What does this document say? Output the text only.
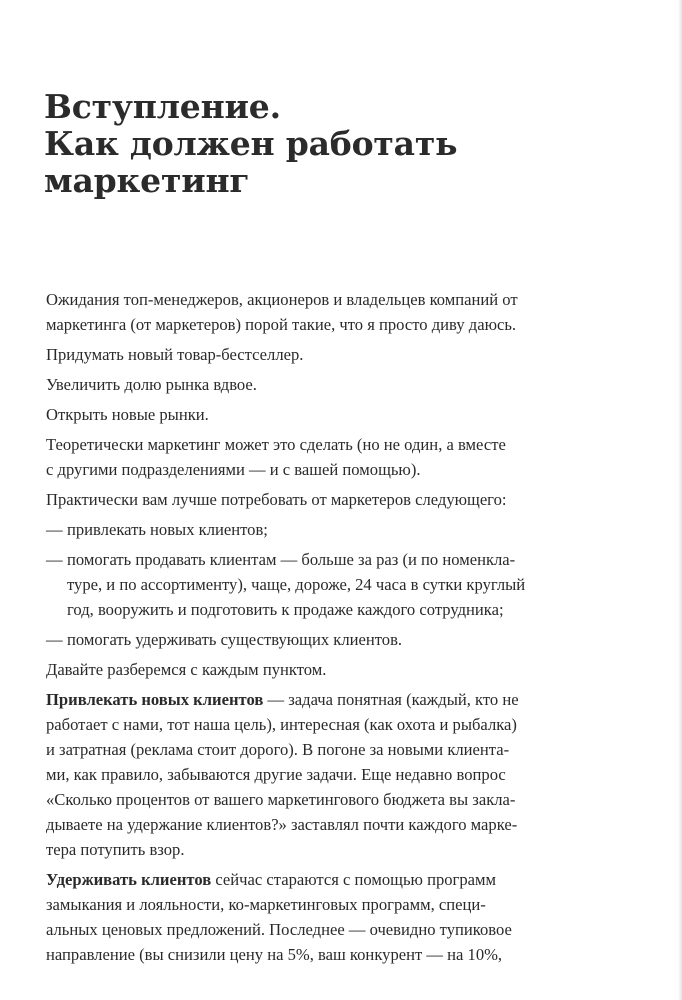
Вступление.
Как должен работать
маркетинг

Ожидания топ-менеджеров, акционеров и владельцев компаний от
маркетинга (от маркетеров) порой такие, что я просто диву даюсь.

Придумать новый товар-бестселлер.

Увеличить долю рынка вдвое.

Открыть новые рынки.

Теоретически маркетинг может это сделать (но не один, а вместе
с другими подразделениями — и с вашей помощью).

Практически вам лучше потребовать от маркетеров следующего:

— привлекать новых клиентов;
— помогать продавать клиентам — больше за раз (и по номенкла-
туре, и по ассортименту), чаще, дороже, 24 часа в сутки круглый
год, вооружить и подготовить к продаже каждого сотрудника;
— помогать удерживать существующих клиентов.

Давайте разберемся с каждым пунктом.

Привлекать новых клиентов — задача понятная (каждый, кто не
работает с нами, тот наша цель), интересная (как охота и рыбалка)
и затратная (реклама стоит дорого). В погоне за новыми клиента-
ми, как правило, забываются другие задачи. Еще недавно вопрос
«Сколько процентов от вашего маркетингового бюджета вы закла-
дываете на удержание клиентов?» заставлял почти каждого марке-
тера потупить взор.

Удерживать клиентов сейчас стараются с помощью программ
замыкания и лояльности, ко-маркетинговых программ, специ-
альных ценовых предложений. Последнее — очевидно тупиковое
направление (вы снизили цену на 5%, ваш конкурент — на 10%,
